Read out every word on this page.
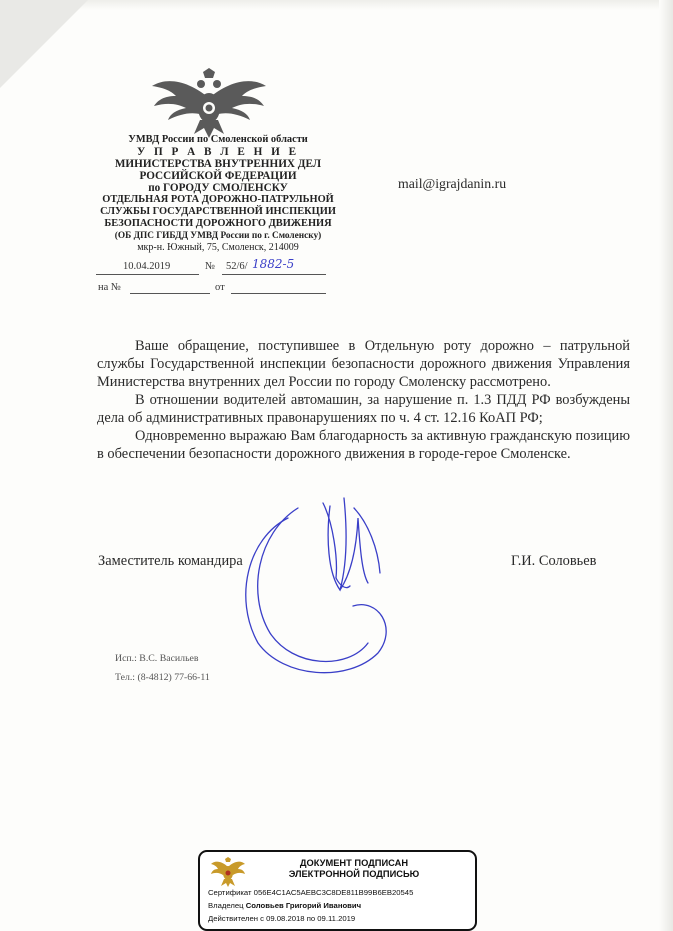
УМВД России по Смоленской области
У П Р А В Л Е Н И Е
МИНИСТЕРСТВА ВНУТРЕННИХ ДЕЛ
РОССИЙСКОЙ ФЕДЕРАЦИИ
по ГОРОДУ СМОЛЕНСКУ
ОТДЕЛЬНАЯ РОТА ДОРОЖНО-ПАТРУЛЬНОЙ
СЛУЖБЫ ГОСУДАРСТВЕННОЙ ИНСПЕКЦИИ
БЕЗОПАСНОСТИ ДОРОЖНОГО ДВИЖЕНИЯ
(ОБ ДПС ГИБДД УМВД России по г. Смоленску)
мкр-н. Южный, 75, Смоленск, 214009
mail@igrajdanin.ru
10.04.2019	№ 52/6/ 1882-5
на №	от

Ваше обращение, поступившее в Отдельную роту дорожно – патрульной службы Государственной инспекции безопасности дорожного движения Управления Министерства внутренних дел России по городу Смоленску рассмотрено.

В отношении водителей автомашин, за нарушение п. 1.3 ПДД РФ возбуждены дела об административных правонарушениях по ч. 4 ст. 12.16 КоАП РФ;

Одновременно выражаю Вам благодарность за активную гражданскую позицию в обеспечении безопасности дорожного движения в городе-герое Смоленске.

Заместитель командира	Г.И. Соловьев
Исп.: В.С. Васильев
Тел.: (8-4812) 77-66-11
ДОКУМЕНТ ПОДПИСАН
ЭЛЕКТРОННОЙ ПОДПИСЬЮ
Сертификат 056E4C1AC5AEBC3C8DE811B99B6EB20545
Владелец Соловьев Григорий Иванович
Действителен с 09.08.2018 по 09.11.2019
